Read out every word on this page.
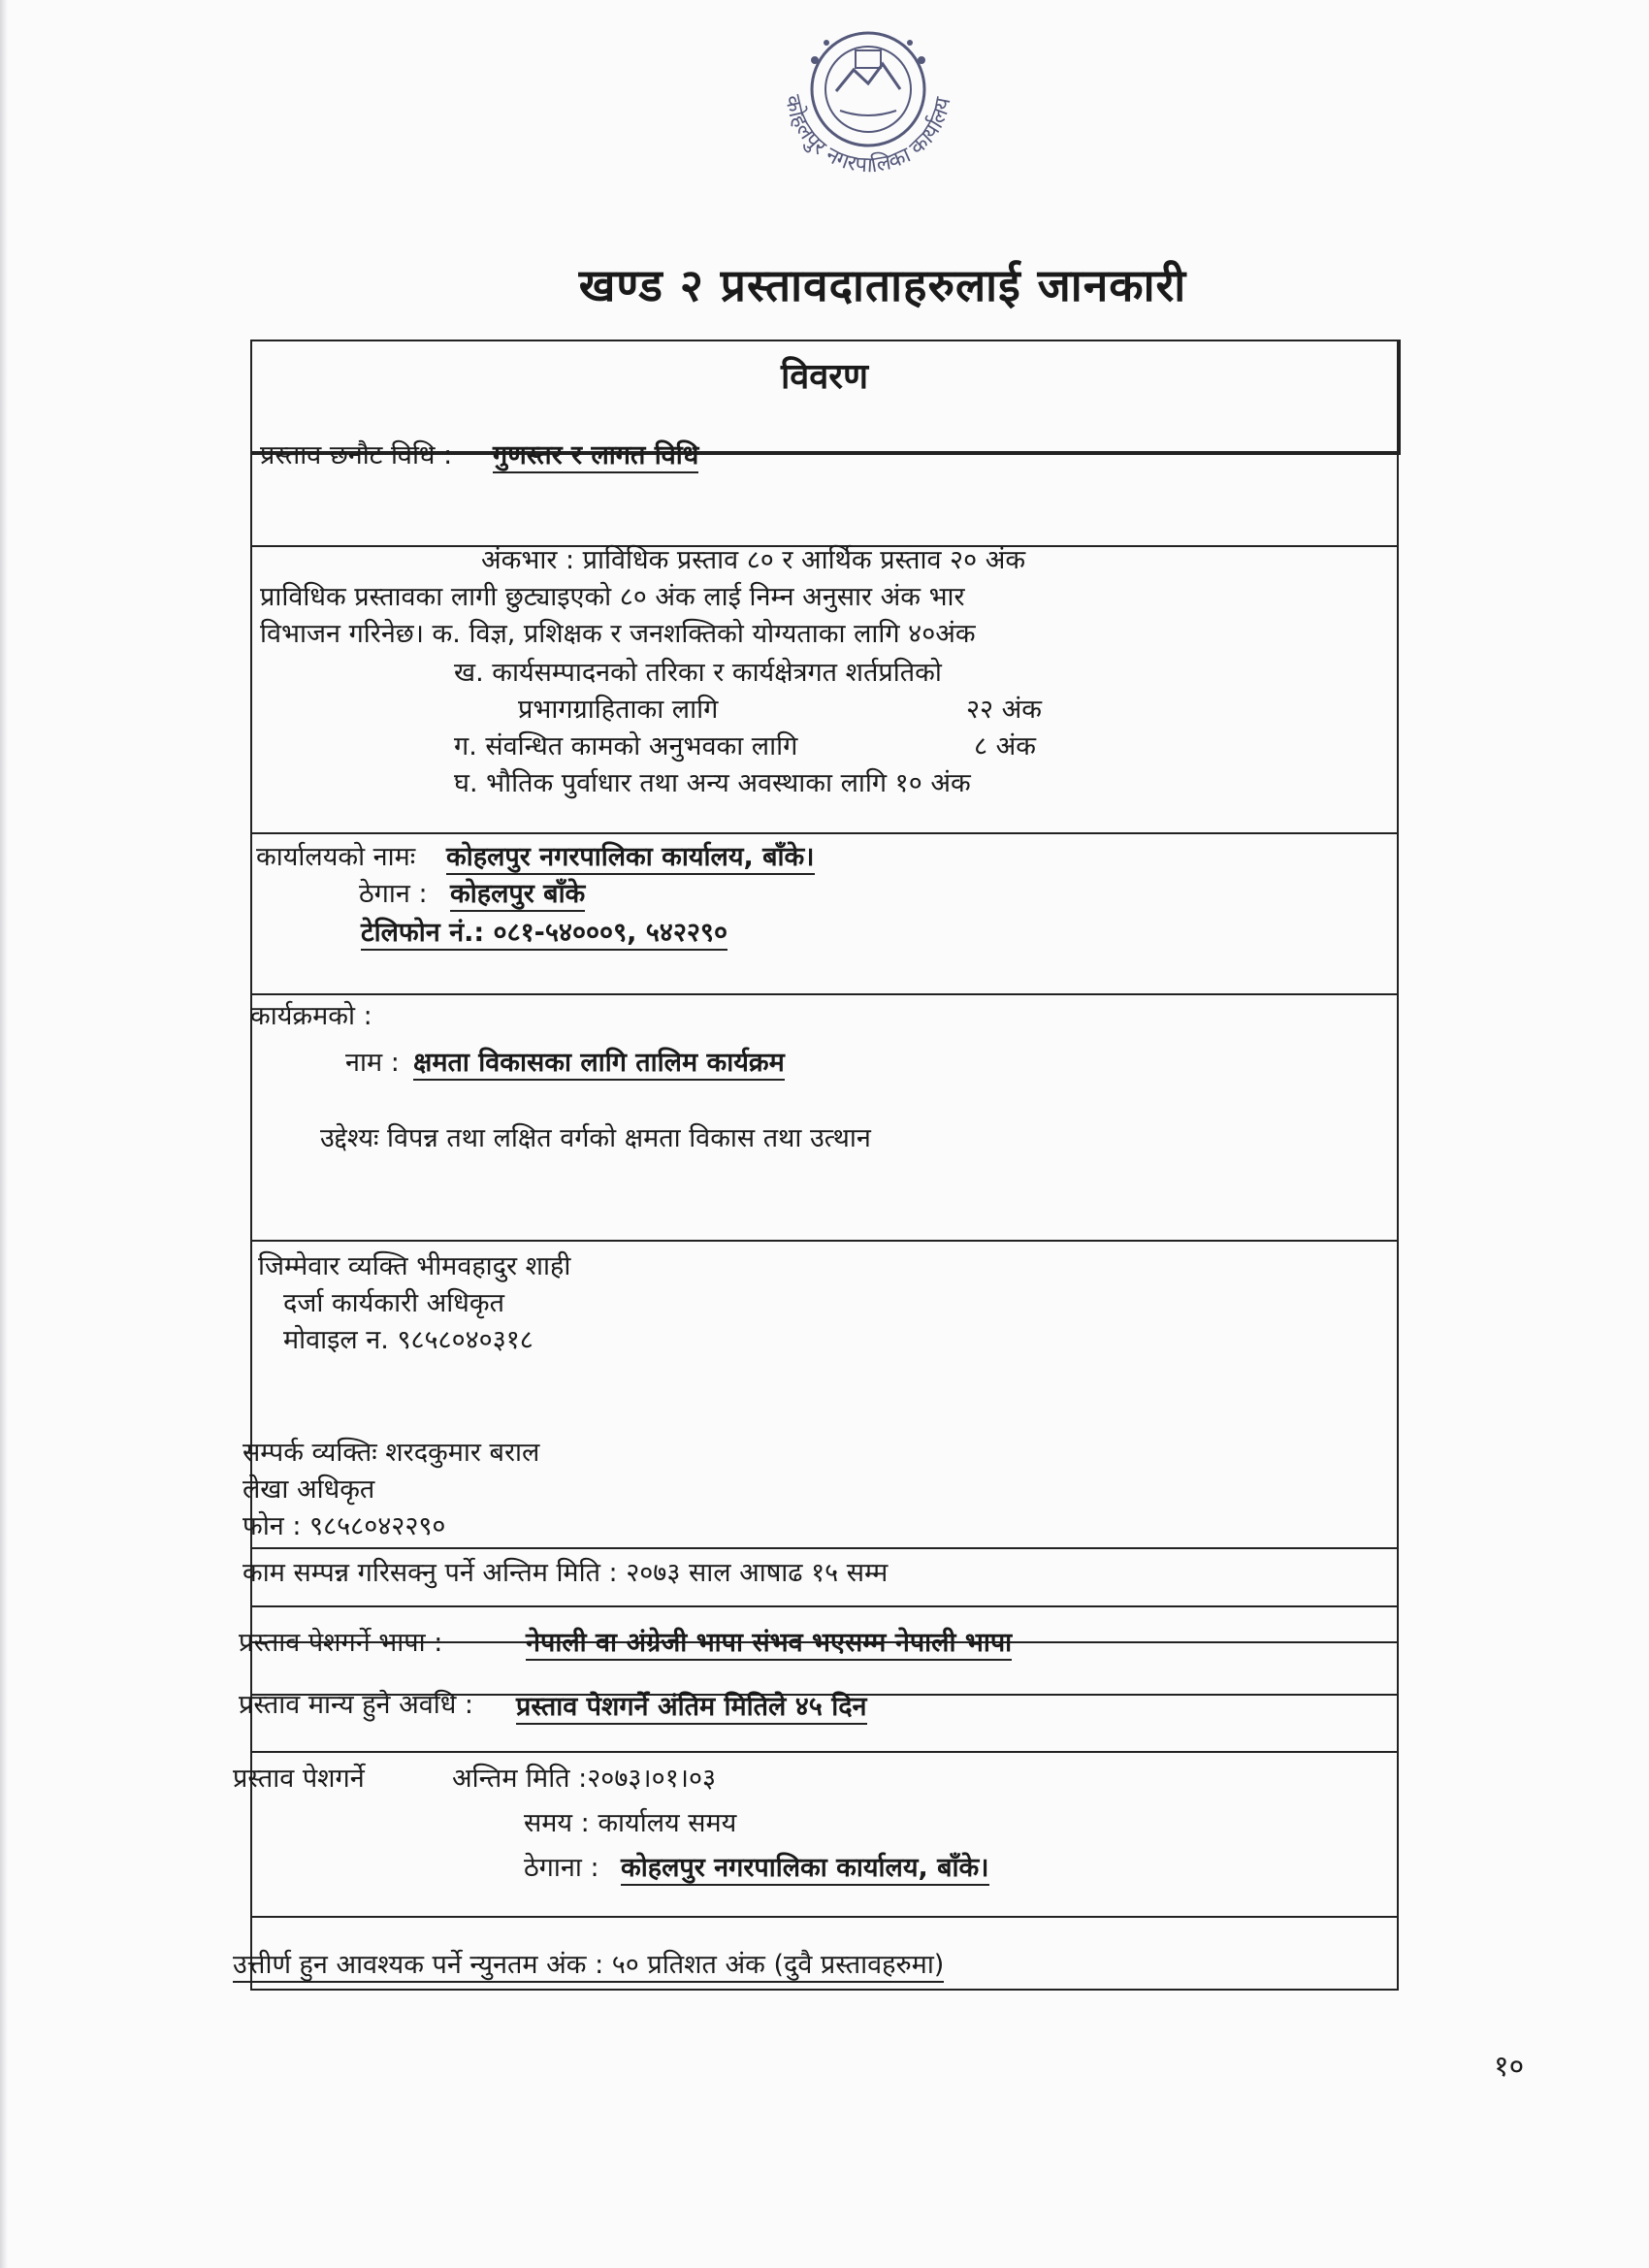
कोहलपुर नगरपालिका कार्यालय
खण्ड २ प्रस्तावदाताहरुलाई जानकारी
विवरण
प्रस्ताव छनौट विधि : गुणस्तर र लागत विधि
अंकभार : प्राविधिक प्रस्ताव ८० र आर्थिक प्रस्ताव २० अंक
प्राविधिक प्रस्तावका लागी छुट्याइएको ८० अंक लाई निम्न अनुसार अंक भार
विभाजन गरिनेछ। क. विज्ञ, प्रशिक्षक र जनशक्तिको योग्यताका लागि ४०अंक
ख. कार्यसम्पादनको तरिका र कार्यक्षेत्रगत शर्तप्रतिको
प्रभागग्राहिताका लागि	२२ अंक
ग. संवन्धित कामको अनुभवका लागि	८ अंक
घ. भौतिक पुर्वाधार तथा अन्य अवस्थाका लागि १० अंक
कार्यालयको नामः कोहलपुर नगरपालिका कार्यालय, बाँके।
ठेगान : कोहलपुर बाँके
टेलिफोन नं.: ०८१-५४०००९, ५४२२९०
कार्यक्रमको :
नाम : क्षमता विकासका लागि तालिम कार्यक्रम
उद्देश्यः विपन्न तथा लक्षित वर्गको क्षमता विकास तथा उत्थान
जिम्मेवार व्यक्ति भीमवहादुर शाही
दर्जा कार्यकारी अधिकृत
मोवाइल न. ९८५८०४०३१८
सम्पर्क व्यक्तिः शरदकुमार बराल
लेखा अधिकृत
फोन : ९८५८०४२२९०
काम सम्पन्न गरिसक्नु पर्ने अन्तिम मिति : २०७३ साल आषाढ १५ सम्म
प्रस्ताव पेशगर्ने भापा :	नेपाली वा अंग्रेजी भापा संभव भएसम्म नेपाली भापा
प्रस्ताव मान्य हुने अवधि : प्रस्ताव पेशगर्ने अंतिम मितिले ४५ दिन
प्रस्ताव पेशगर्ने	अन्तिम मिति :२०७३।०१।०३
समय : कार्यालय समय
ठेगाना : कोहलपुर नगरपालिका कार्यालय, बाँके।
उत्तीर्ण हुन आवश्यक पर्ने न्युनतम अंक : ५० प्रतिशत अंक (दुवै प्रस्तावहरुमा)
१०
